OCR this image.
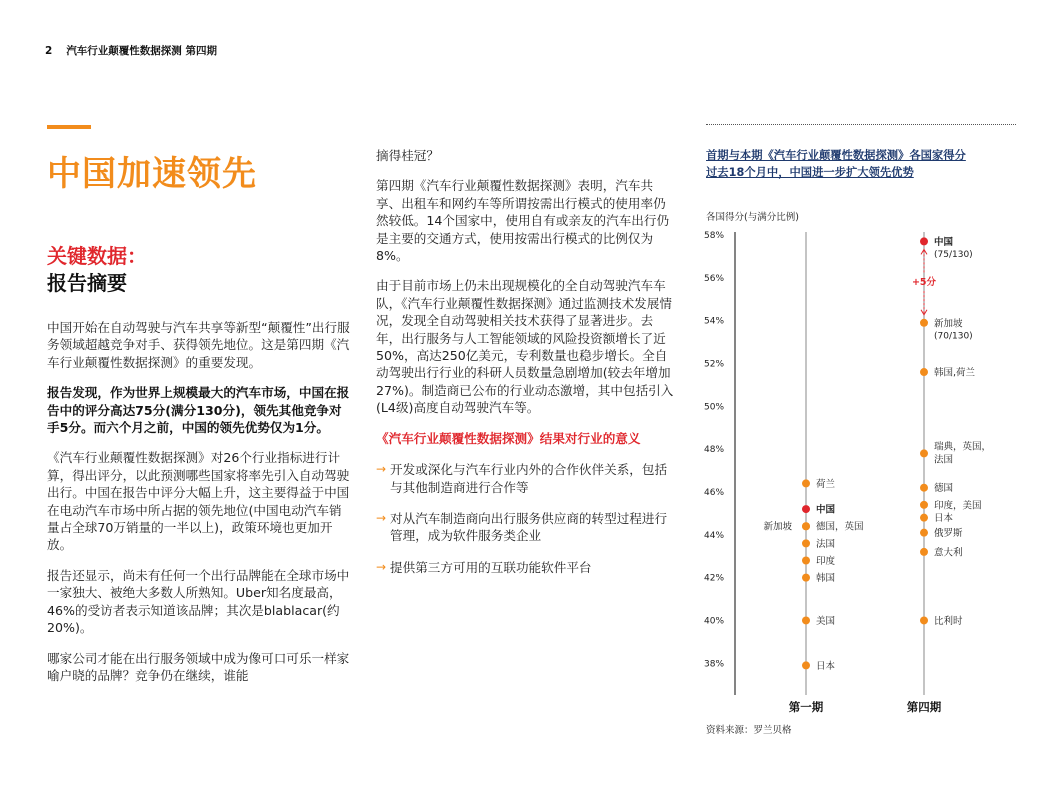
2 汽车行业颠覆性数据探测 第四期
中国加速领先
关键数据：
报告摘要

中国开始在自动驾驶与汽车共享等新型“颠覆性”出行服务领域超越竞争对手、获得领先地位。这是第四期《汽车行业颠覆性数据探测》的重要发现。

报告发现，作为世界上规模最大的汽车市场，中国在报告中的评分高达75分(满分130分)，领先其他竞争对手5分。而六个月之前，中国的领先优势仅为1分。

《汽车行业颠覆性数据探测》对26个行业指标进行计算，得出评分，以此预测哪些国家将率先引入自动驾驶出行。中国在报告中评分大幅上升，这主要得益于中国在电动汽车市场中所占据的领先地位(中国电动汽车销量占全球70万销量的一半以上)，政策环境也更加开放。

报告还显示，尚未有任何一个出行品牌能在全球市场中一家独大、被绝大多数人所熟知。Uber知名度最高，46%的受访者表示知道该品牌；其次是blablacar(约20%)。

哪家公司才能在出行服务领域中成为像可口可乐一样家喻户晓的品牌？竞争仍在继续，谁能

摘得桂冠？

第四期《汽车行业颠覆性数据探测》表明，汽车共享、出租车和网约车等所谓按需出行模式的使用率仍然较低。14个国家中，使用自有或亲友的汽车出行仍是主要的交通方式，使用按需出行模式的比例仅为8%。

由于目前市场上仍未出现规模化的全自动驾驶汽车车队，《汽车行业颠覆性数据探测》通过监测技术发展情况，发现全自动驾驶相关技术获得了显著进步。去年，出行服务与人工智能领域的风险投资额增长了近50%，高达250亿美元，专利数量也稳步增长。全自动驾驶出行行业的科研人员数量急剧增加(较去年增加27%)。制造商已公布的行业动态激增，其中包括引入(L4级)高度自动驾驶汽车等。

《汽车行业颠覆性数据探测》结果对行业的意义

→ 开发或深化与汽车行业内外的合作伙伴关系，包括与其他制造商进行合作等
→ 对从汽车制造商向出行服务供应商的转型过程进行管理，成为软件服务类企业
→ 提供第三方可用的互联功能软件平台
首期与本期《汽车行业颠覆性数据探测》各国家得分
过去18个月中，中国进一步扩大领先优势
各国得分(与满分比例)
58%
56%
54%
52%
50%
48%
46%
44%
42%
40%
38%
荷兰
中国
德国，英国
新加坡
法国
印度
韩国
美国
日本
中国
(75/130)
新加坡
(70/130)
韩国,荷兰
瑞典，英国，
法国
德国
印度，美国
日本
俄罗斯
意大利
比利时
+5分
第一期	第四期
资料来源：罗兰贝格
